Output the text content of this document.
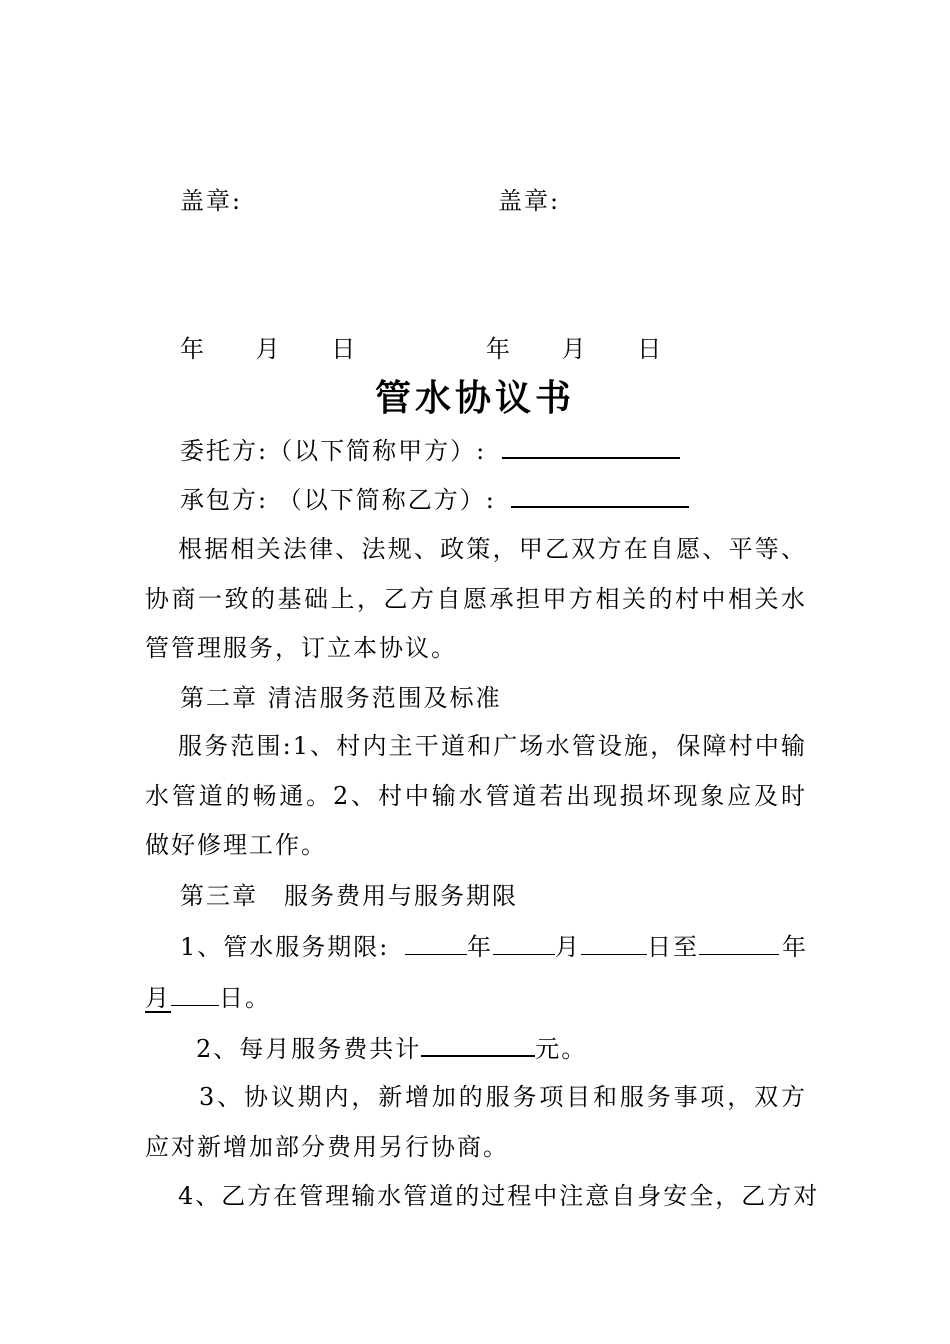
盖章:	盖章:
年 月 日	年 月 日
管水协议书
委托方:（以下简称甲方）:
承包方: （以下简称乙方）:
根据相关法律、法规、政策，甲乙双方在自愿、平等、协商一致的基础上，乙方自愿承担甲方相关的村中相关水管管理服务，订立本协议。
第二章 清洁服务范围及标准
服务范围:1、村内主干道和广场水管设施，保障村中输水管道的畅通。2、村中输水管道若出现损坏现象应及时做好修理工作。
第三章　服务费用与服务期限
1、管水服务期限:	年	月	日至	年
月 日。
2、每月服务费共计	元。
3、协议期内，新增加的服务项目和服务事项，双方应对新增加部分费用另行协商。
4、乙方在管理输水管道的过程中注意自身安全，乙方对
